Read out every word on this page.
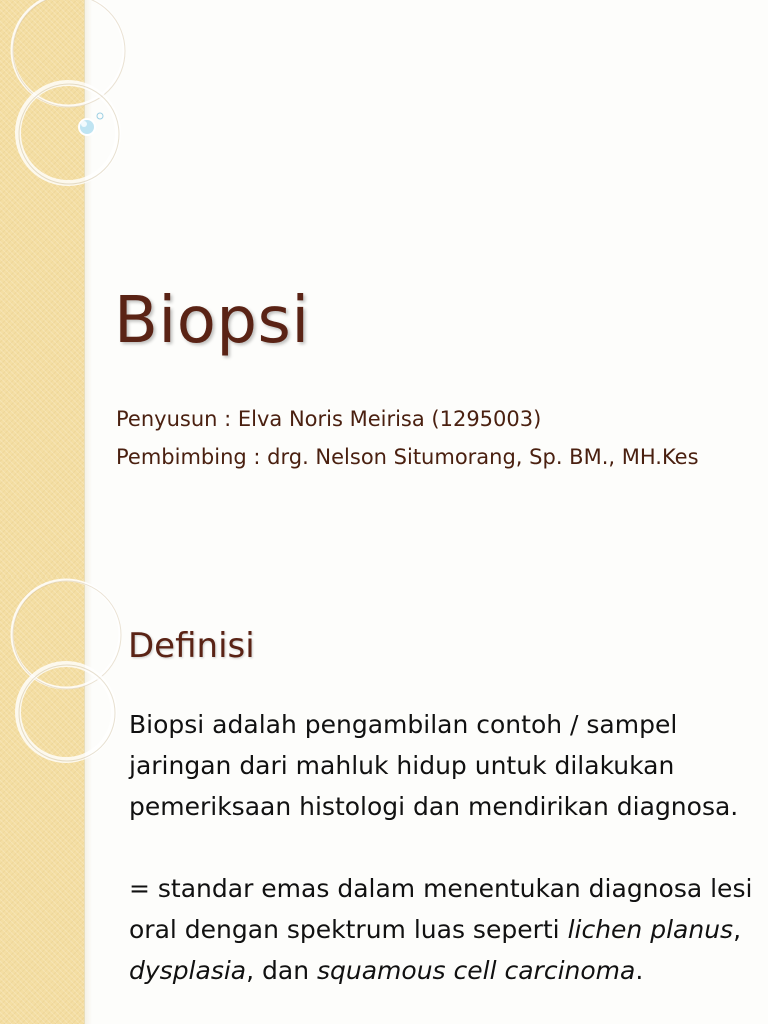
Biopsi
Penyusun : Elva Noris Meirisa (1295003)
Pembimbing : drg. Nelson Situmorang, Sp. BM., MH.Kes
Definisi

Biopsi adalah pengambilan contoh / sampel jaringan dari mahluk hidup untuk dilakukan pemeriksaan histologi dan mendirikan diagnosa.

= standar emas dalam menentukan diagnosa lesi oral dengan spektrum luas seperti lichen planus, dysplasia, dan squamous cell carcinoma.
